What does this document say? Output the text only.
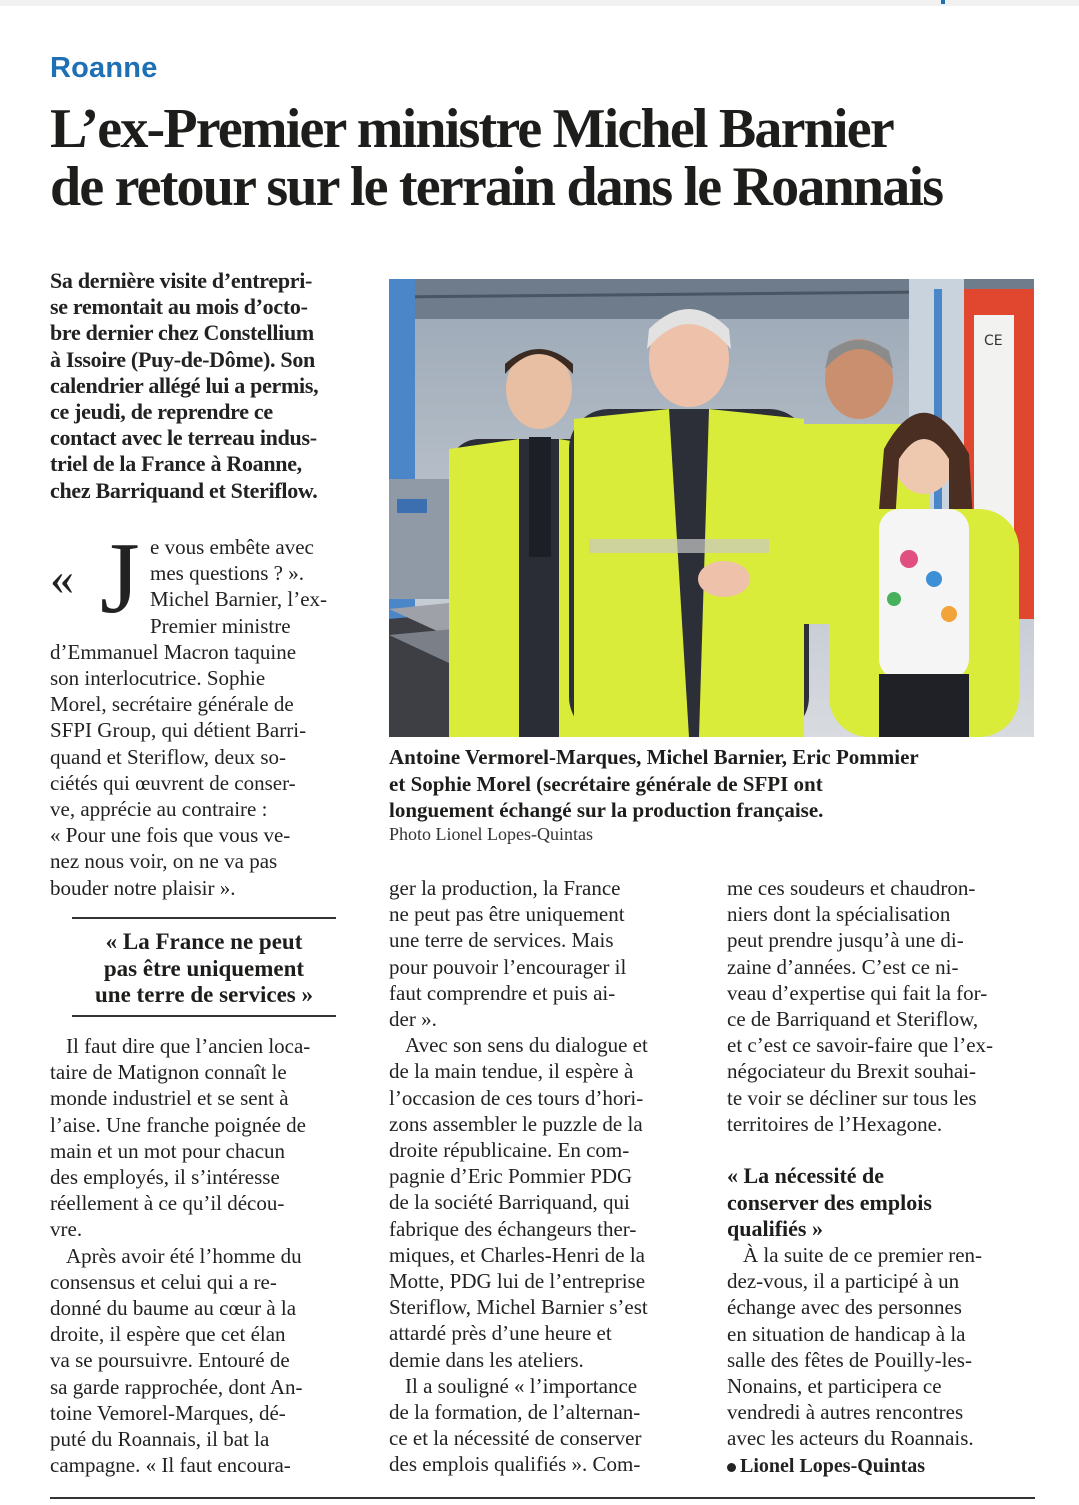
Roanne
L’ex-Premier ministre Michel Barnier
de retour sur le terrain dans le Roannais
Sa dernière visite d’entrepri-
se remontait au mois d’octo-
bre dernier chez Constellium
à Issoire (Puy-de-Dôme). Son
calendrier allégé lui a permis,
ce jeudi, de reprendre ce
contact avec le terreau indus-
triel de la France à Roanne,
chez Barriquand et Steriflow.
CE
Antoine Vermorel-Marques, Michel Barnier, Eric Pommier
et Sophie Morel (secrétaire générale de SFPI ont
longuement échangé sur la production française.
Photo Lionel Lopes-Quintas
« J e vous embête avec
mes questions ? ».
Michel Barnier, l’ex-
Premier ministre
d’Emmanuel Macron taquine
son interlocutrice. Sophie
Morel, secrétaire générale de
SFPI Group, qui détient Barri-
quand et Steriflow, deux so-
ciétés qui œuvrent de conser-
ve, apprécie au contraire :
« Pour une fois que vous ve-
nez nous voir, on ne va pas
bouder notre plaisir ».
« La France ne peut
pas être uniquement
une terre de services »
Il faut dire que l’ancien loca-
taire de Matignon connaît le
monde industriel et se sent à
l’aise. Une franche poignée de
main et un mot pour chacun
des employés, il s’intéresse
réellement à ce qu’il décou-
vre.
Après avoir été l’homme du
consensus et celui qui a re-
donné du baume au cœur à la
droite, il espère que cet élan
va se poursuivre. Entouré de
sa garde rapprochée, dont An-
toine Vemorel-Marques, dé-
puté du Roannais, il bat la
campagne. « Il faut encoura-
ger la production, la France
ne peut pas être uniquement
une terre de services. Mais
pour pouvoir l’encourager il
faut comprendre et puis ai-
der ».
Avec son sens du dialogue et
de la main tendue, il espère à
l’occasion de ces tours d’hori-
zons assembler le puzzle de la
droite républicaine. En com-
pagnie d’Eric Pommier PDG
de la société Barriquand, qui
fabrique des échangeurs ther-
miques, et Charles-Henri de la
Motte, PDG lui de l’entreprise
Steriflow, Michel Barnier s’est
attardé près d’une heure et
demie dans les ateliers.
Il a souligné « l’importance
de la formation, de l’alternan-
ce et la nécessité de conserver
des emplois qualifiés ». Com-
me ces soudeurs et chaudron-
niers dont la spécialisation
peut prendre jusqu’à une di-
zaine d’années. C’est ce ni-
veau d’expertise qui fait la for-
ce de Barriquand et Steriflow,
et c’est ce savoir-faire que l’ex-
négociateur du Brexit souhai-
te voir se décliner sur tous les
territoires de l’Hexagone.
« La nécessité de
conserver des emplois
qualifiés »
À la suite de ce premier ren-
dez-vous, il a participé à un
échange avec des personnes
en situation de handicap à la
salle des fêtes de Pouilly-les-
Nonains, et participera ce
vendredi à autres rencontres
avec les acteurs du Roannais.
Lionel Lopes-Quintas
